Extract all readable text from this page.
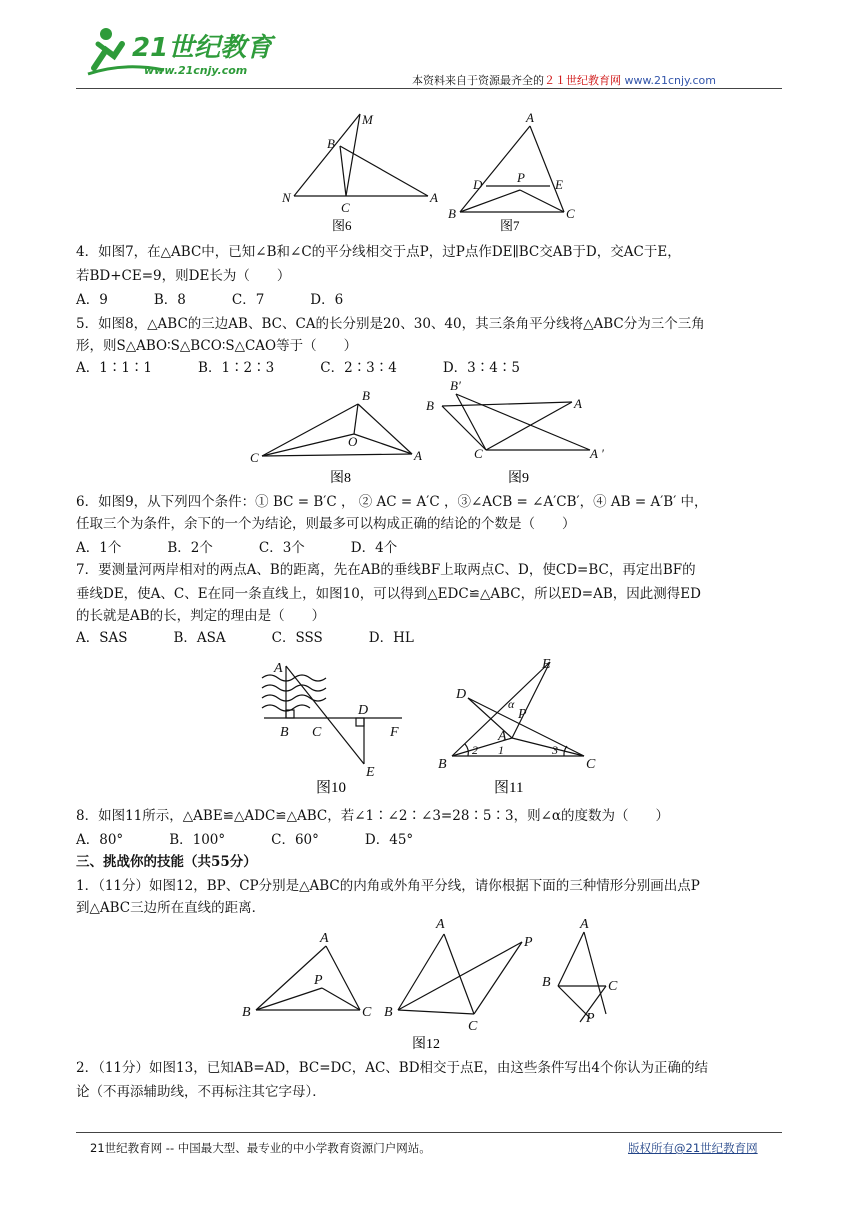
21世纪教育
www.21cnjy.com
本资料来自于资源最齐全的２１世纪教育网 www.21cnjy.com
M
B
N
C
A
A
D	P E
B	C
图6	图7
4．如图7，在△ABC中，已知∠B和∠C的平分线相交于点P，过P点作DE∥BC交AB于D，交AC于E，
若BD+CE=9，则DE长为（　　）
A．9	B．8	C．7	D．6
5．如图8，△ABC的三边AB、BC、CA的长分别是20、30、40，其三条角平分线将△ABC分为三个三角
形，则S△ABO∶S△BCO∶S△CAO等于（　　）
A．1∶1∶1	B．1∶2∶3	C．2∶3∶4	D．3∶4∶5
B
O
C	A
B′
B	A
C	A ′
图8	图9
6．如图9，从下列四个条件：① BC = B′C ， ② AC = A′C ，③∠ACB = ∠A′CB′，④ AB = A′B′ 中，
任取三个为条件，余下的一个为结论，则最多可以构成正确的结论的个数是（　　）
A．1个	B．2个	C．3个	D．4个
7．要测量河两岸相对的两点A、B的距离，先在AB的垂线BF上取两点C、D，使CD=BC，再定出BF的
垂线DE，使A、C、E在同一条直线上，如图10，可以得到△EDC≌△ABC，所以ED=AB，因此测得ED
的长就是AB的长，判定的理由是（　　）
A．SAS	B．ASA	C．SSS	D．HL
A
D
B C	F
E
E
D
α
P
A
1
2	3
B	C
图10	图11
8．如图11所示，△ABE≌△ADC≌△ABC，若∠1∶∠2∶∠3=28∶5∶3，则∠α的度数为（　　）
A．80°	B．100°	C．60°	D．45°
三、挑战你的技能（共55分）
1．（11分）如图12，BP、CP分别是△ABC的内角或外角平分线，请你根据下面的三种情形分别画出点P
到△ABC三边所在直线的距离．
A
P
B	C
A
P
B
C
A
B	C
P
图12
2．（11分）如图13，已知AB=AD，BC=DC，AC、BD相交于点E，由这些条件写出4个你认为正确的结
论（不再添辅助线，不再标注其它字母）．
21世纪教育网 -- 中国最大型、最专业的中小学教育资源门户网站。	版权所有@21世纪教育网
